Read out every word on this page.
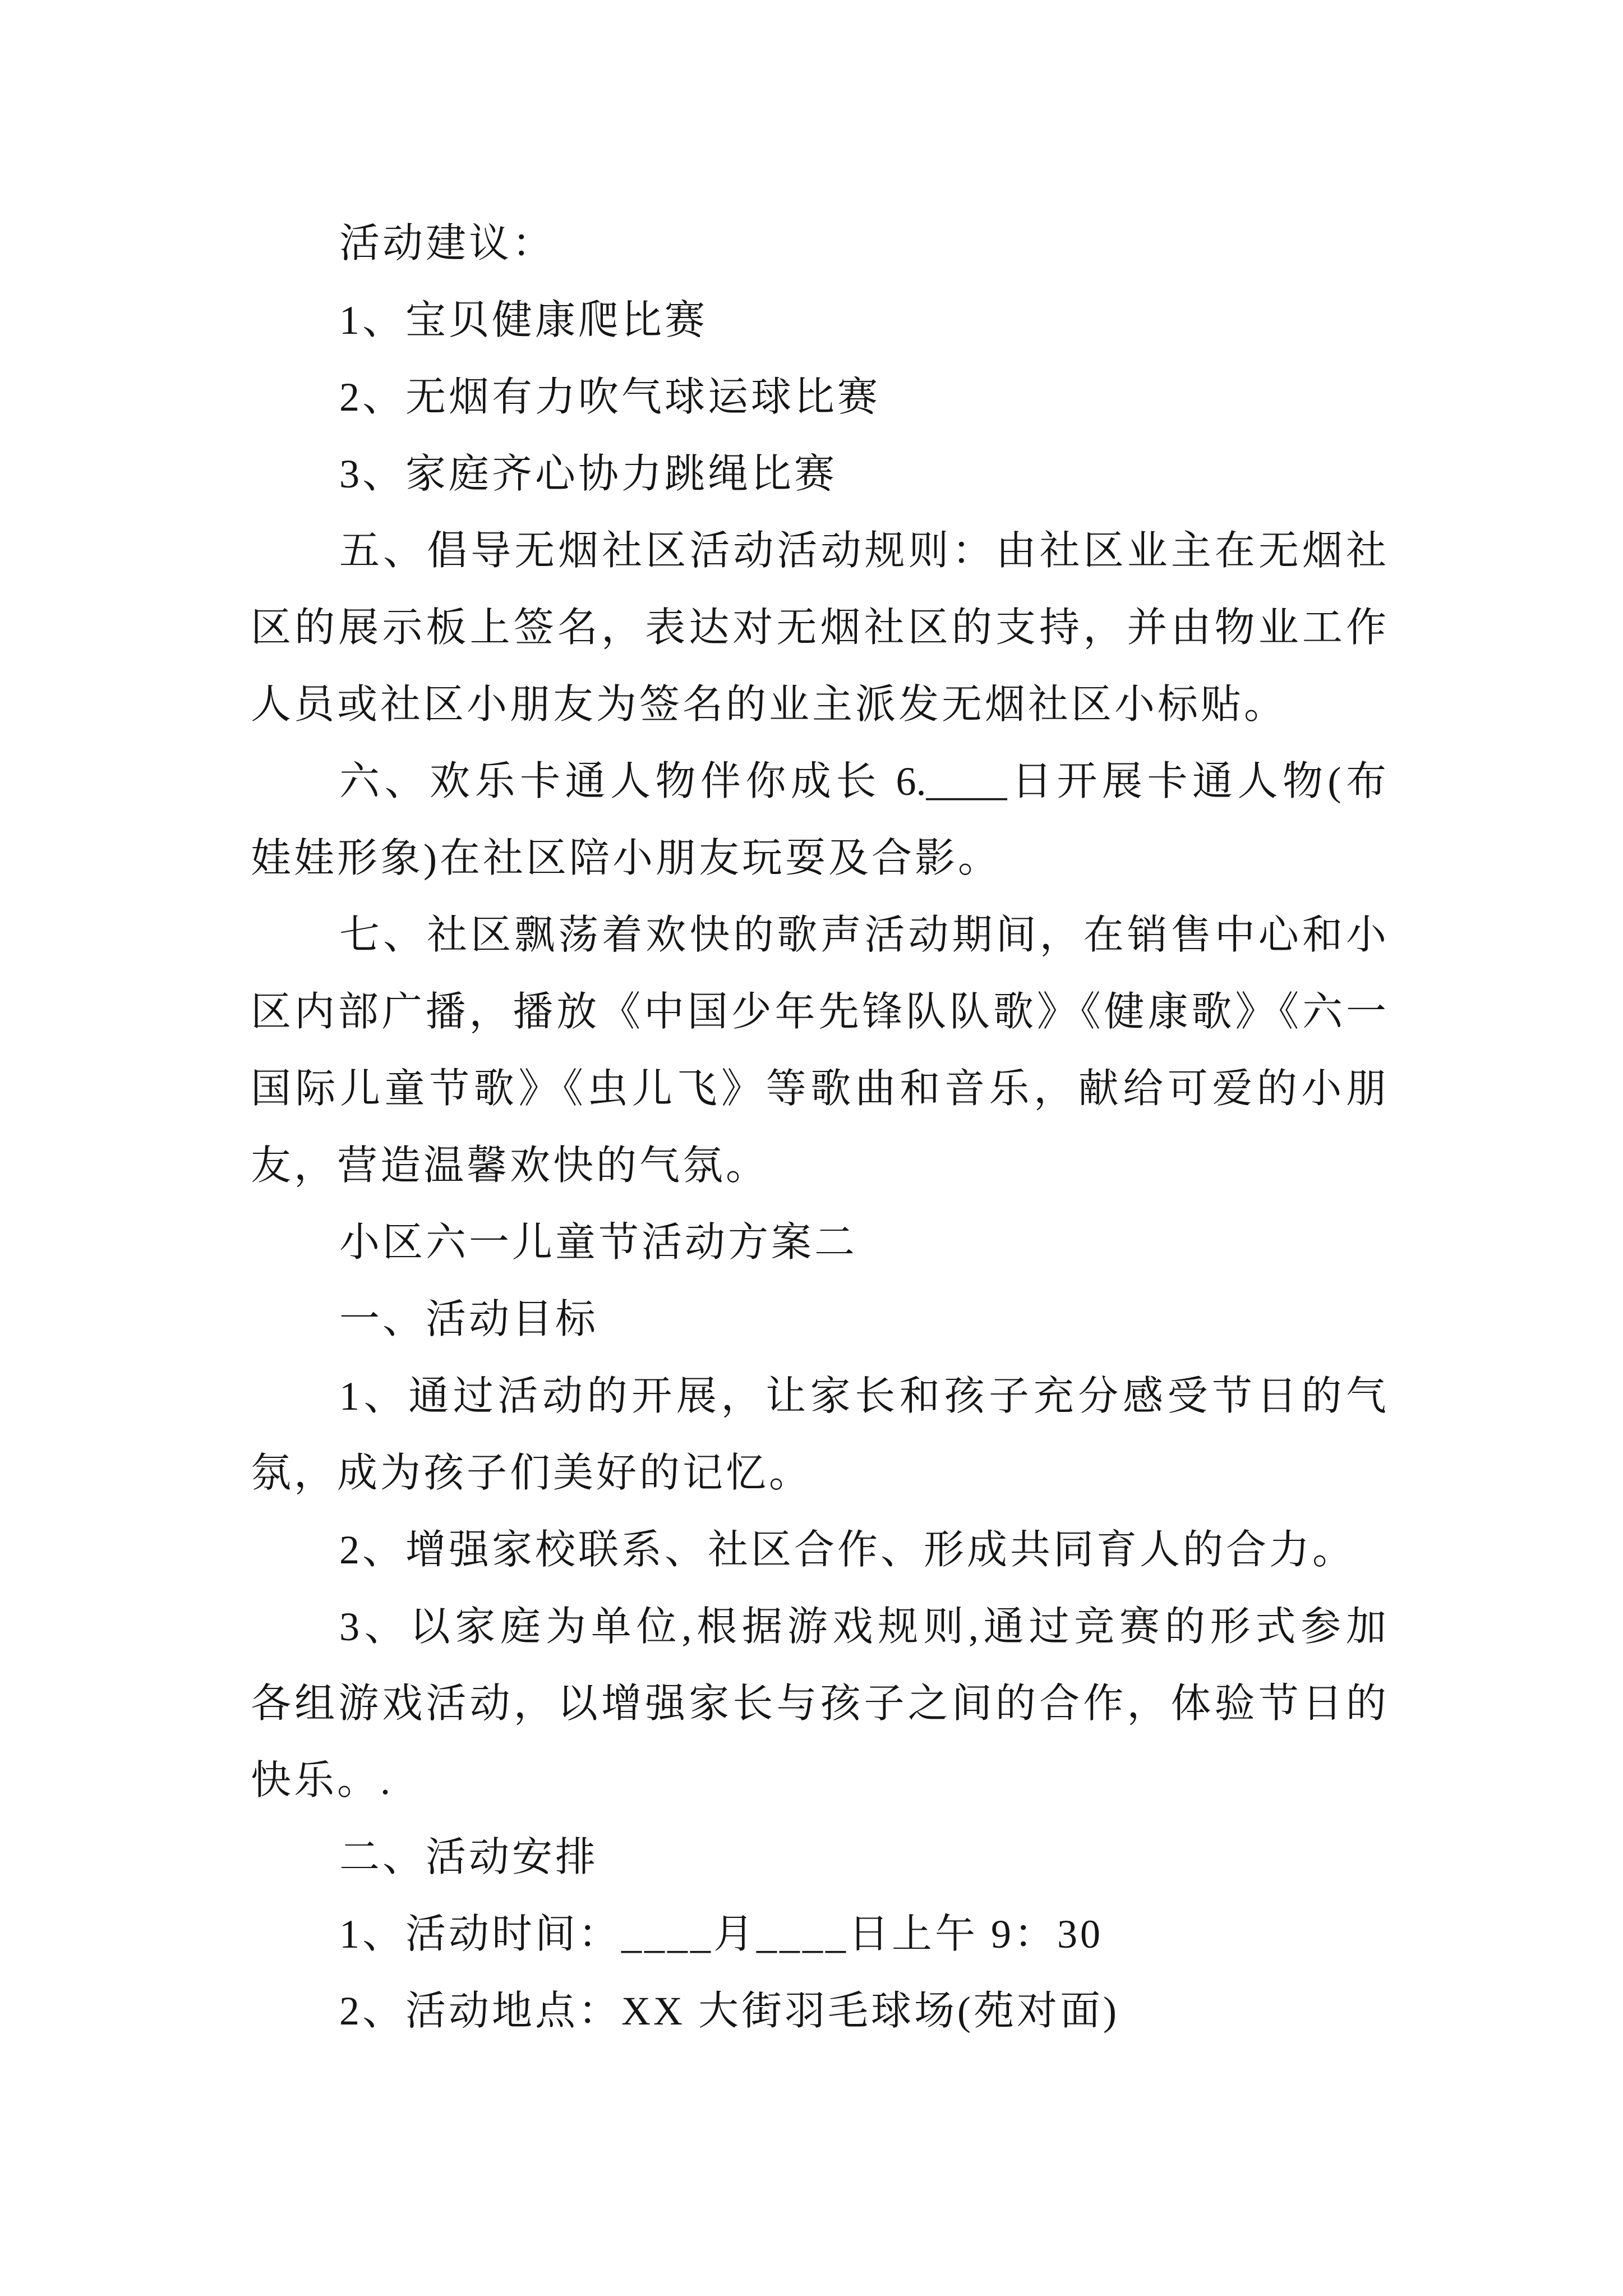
活动建议：
1、宝贝健康爬比赛
2、无烟有力吹气球运球比赛
3、家庭齐心协力跳绳比赛
五、倡导无烟社区活动活动规则：由社区业主在无烟社
区的展示板上签名，表达对无烟社区的支持，并由物业工作
人员或社区小朋友为签名的业主派发无烟社区小标贴。
六、欢乐卡通人物伴你成长 6.____日开展卡通人物(布
娃娃形象)在社区陪小朋友玩耍及合影。
七、社区飘荡着欢快的歌声活动期间，在销售中心和小
区内部广播，播放《中国少年先锋队队歌》《健康歌》《六一
国际儿童节歌》《虫儿飞》等歌曲和音乐，献给可爱的小朋
友，营造温馨欢快的气氛。
小区六一儿童节活动方案二
一、活动目标
1、通过活动的开展，让家长和孩子充分感受节日的气
氛，成为孩子们美好的记忆。
2、增强家校联系、社区合作、形成共同育人的合力。
3、以家庭为单位,根据游戏规则,通过竞赛的形式参加
各组游戏活动，以增强家长与孩子之间的合作，体验节日的
快乐。.
二、活动安排
1、活动时间：____月____日上午 9：30
2、活动地点：XX 大街羽毛球场(苑对面)
